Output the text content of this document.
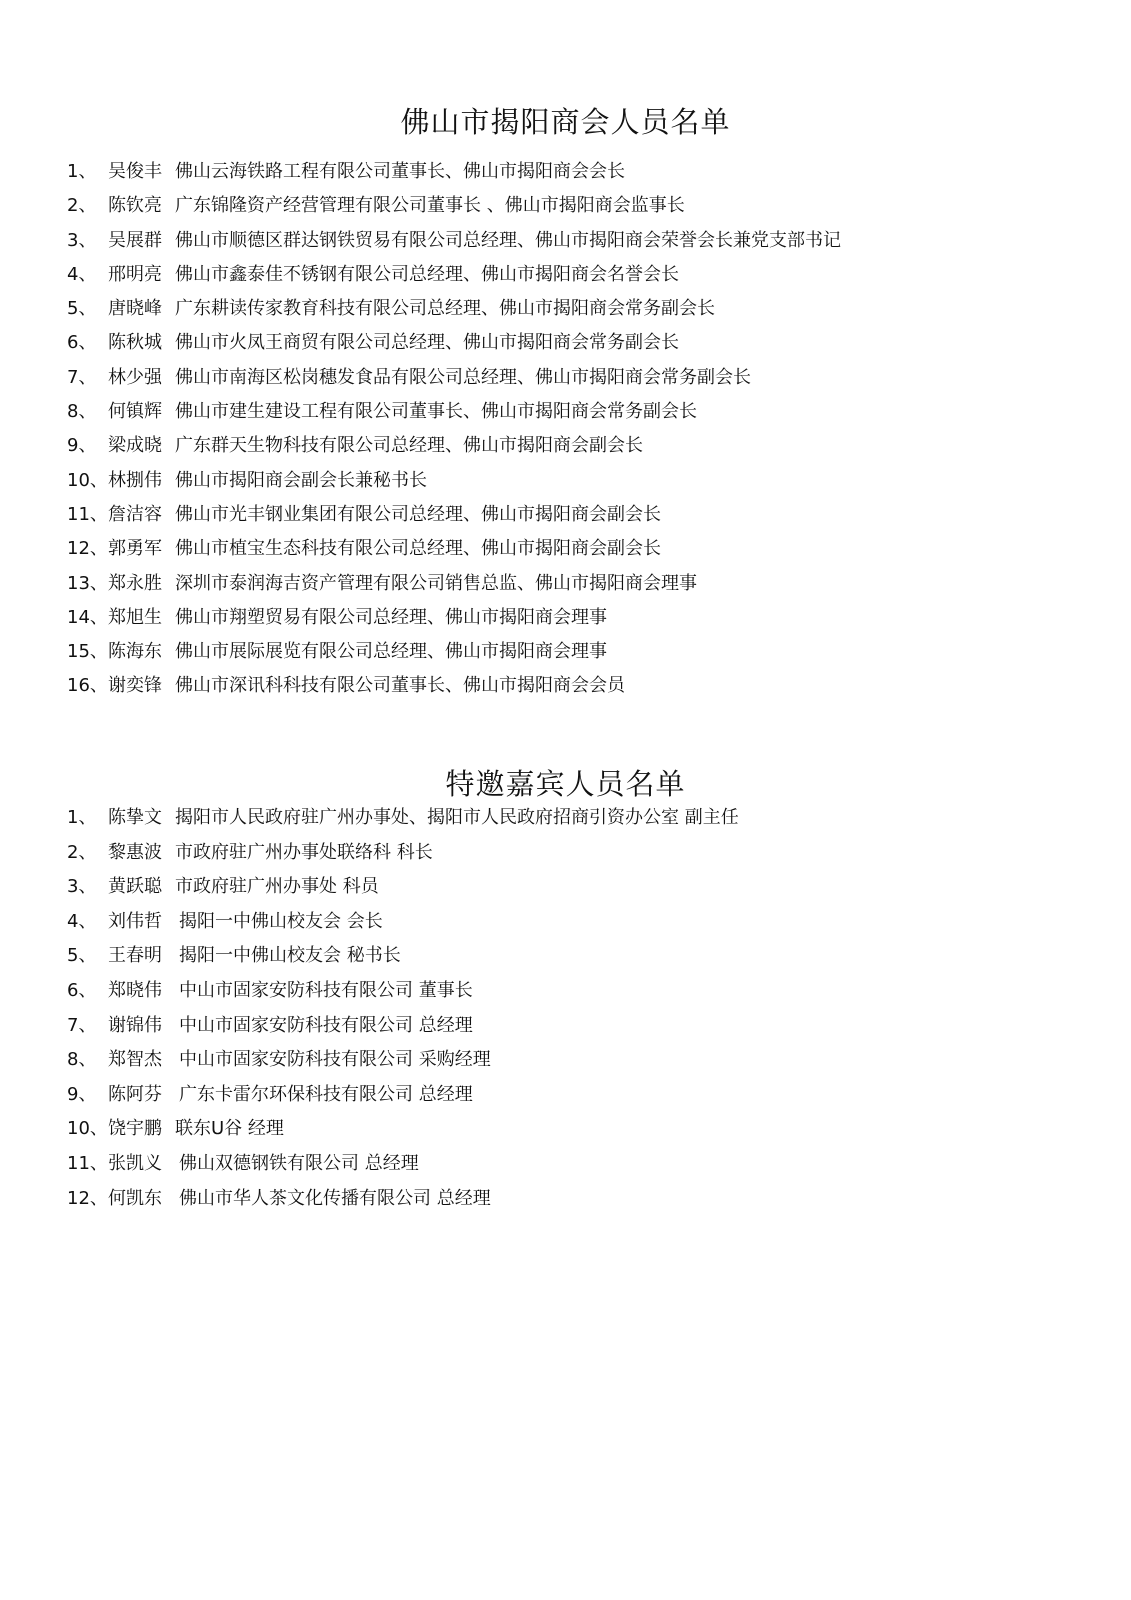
佛山市揭阳商会人员名单
1、 吴俊丰 佛山云海铁路工程有限公司董事长、佛山市揭阳商会会长
2、 陈钦亮 广东锦隆资产经营管理有限公司董事长 、佛山市揭阳商会监事长
3、 吴展群 佛山市顺德区群达钢铁贸易有限公司总经理、佛山市揭阳商会荣誉会长兼党支部书记
4、 邢明亮 佛山市鑫泰佳不锈钢有限公司总经理、佛山市揭阳商会名誉会长
5、 唐晓峰 广东耕读传家教育科技有限公司总经理、佛山市揭阳商会常务副会长
6、 陈秋城 佛山市火凤王商贸有限公司总经理、佛山市揭阳商会常务副会长
7、 林少强 佛山市南海区松岗穗发食品有限公司总经理、佛山市揭阳商会常务副会长
8、 何镇辉 佛山市建生建设工程有限公司董事长、佛山市揭阳商会常务副会长
9、 梁成晓 广东群天生物科技有限公司总经理、佛山市揭阳商会副会长
10、 林捌伟 佛山市揭阳商会副会长兼秘书长
11、 詹洁容 佛山市光丰钢业集团有限公司总经理、佛山市揭阳商会副会长
12、 郭勇军 佛山市植宝生态科技有限公司总经理、佛山市揭阳商会副会长
13、 郑永胜 深圳市泰润海吉资产管理有限公司销售总监、佛山市揭阳商会理事
14、 郑旭生 佛山市翔塑贸易有限公司总经理、佛山市揭阳商会理事
15、 陈海东 佛山市展际展览有限公司总经理、佛山市揭阳商会理事
16、 谢奕锋 佛山市深讯科科技有限公司董事长、佛山市揭阳商会会员
特邀嘉宾人员名单
1、 陈挚文 揭阳市人民政府驻广州办事处、揭阳市人民政府招商引资办公室 副主任
2、 黎惠波 市政府驻广州办事处联络科 科长
3、 黄跃聪 市政府驻广州办事处 科员
4、 刘伟哲 揭阳一中佛山校友会 会长
5、 王春明 揭阳一中佛山校友会 秘书长
6、 郑晓伟 中山市固家安防科技有限公司 董事长
7、 谢锦伟 中山市固家安防科技有限公司 总经理
8、 郑智杰 中山市固家安防科技有限公司 采购经理
9、 陈阿芬 广东卡雷尔环保科技有限公司 总经理
10、 饶宇鹏 联东U谷 经理
11、 张凯义 佛山双德钢铁有限公司 总经理
12、 何凯东 佛山市华人茶文化传播有限公司 总经理
